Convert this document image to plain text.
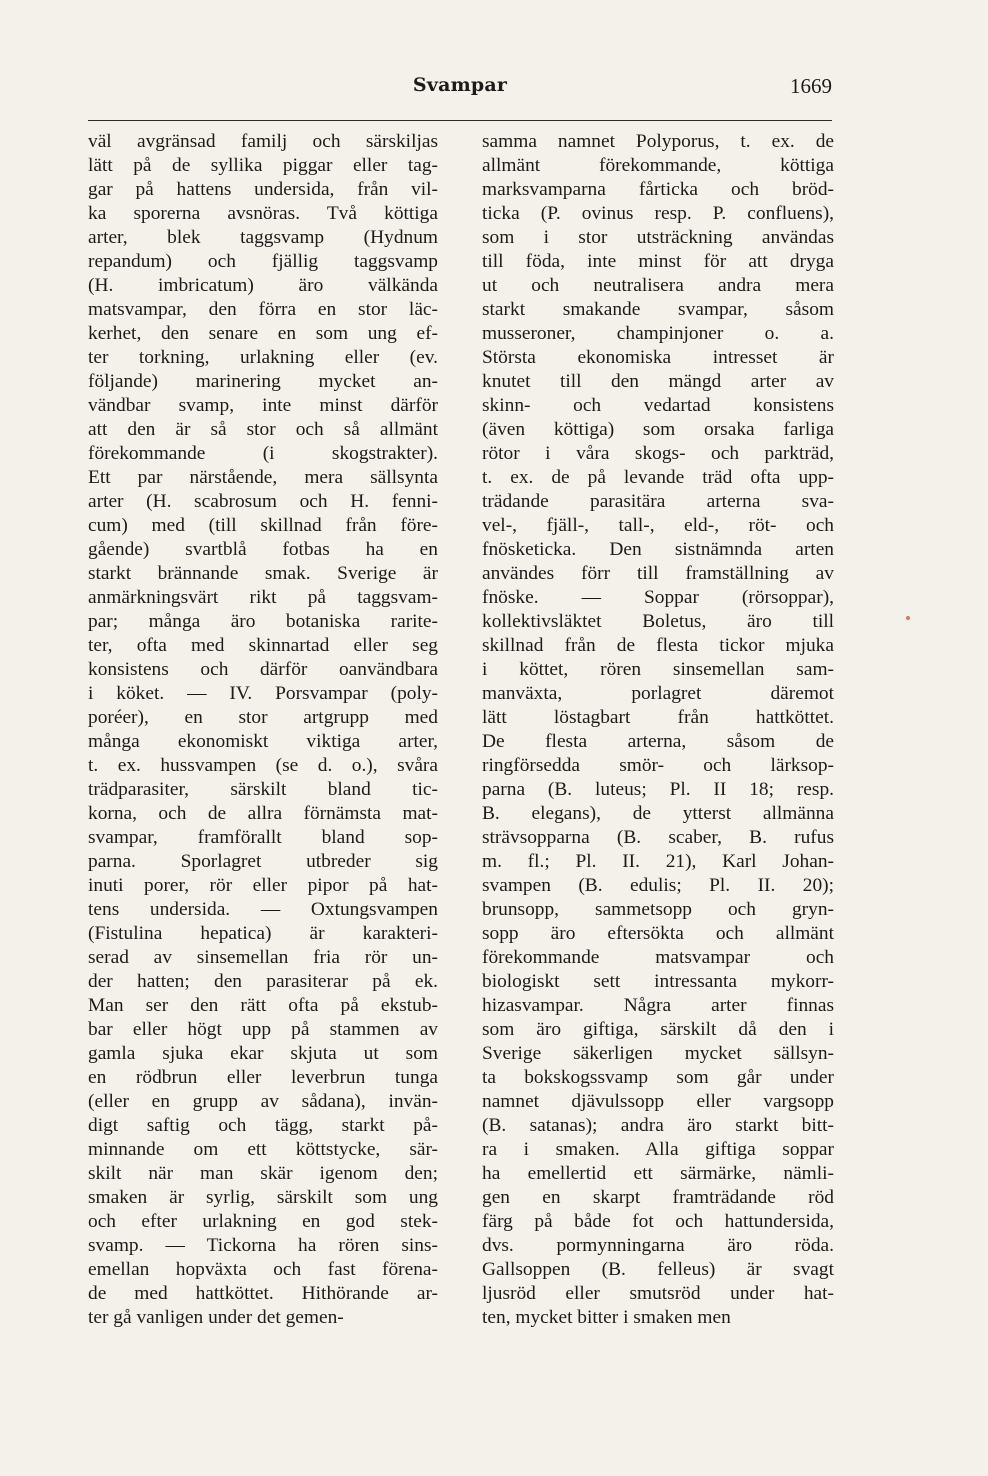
Svampar	1669
väl avgränsad familj och särskiljas
lätt på de syllika piggar eller tag-
gar på hattens undersida, från vil-
ka sporerna avsnöras. Två köttiga
arter, blek taggsvamp (Hydnum
repandum) och fjällig taggsvamp
(H. imbricatum) äro välkända
matsvampar, den förra en stor läc-
kerhet, den senare en som ung ef-
ter torkning, urlakning eller (ev.
följande) marinering mycket an-
vändbar svamp, inte minst därför
att den är så stor och så allmänt
förekommande (i skogstrakter).
Ett par närstående, mera sällsynta
arter (H. scabrosum och H. fenni-
cum) med (till skillnad från före-
gående) svartblå fotbas ha en
starkt brännande smak. Sverige är
anmärkningsvärt rikt på taggsvam-
par; många äro botaniska rarite-
ter, ofta med skinnartad eller seg
konsistens och därför oanvändbara
i köket. — IV. Porsvampar (poly-
poréer), en stor artgrupp med
många ekonomiskt viktiga arter,
t. ex. hussvampen (se d. o.), svåra
trädparasiter, särskilt bland tic-
korna, och de allra förnämsta mat-
svampar, framförallt bland sop-
parna. Sporlagret utbreder sig
inuti porer, rör eller pipor på hat-
tens undersida. — Oxtungsvampen
(Fistulina hepatica) är karakteri-
serad av sinsemellan fria rör un-
der hatten; den parasiterar på ek.
Man ser den rätt ofta på ekstub-
bar eller högt upp på stammen av
gamla sjuka ekar skjuta ut som
en rödbrun eller leverbrun tunga
(eller en grupp av sådana), invän-
digt saftig och tägg, starkt på-
minnande om ett köttstycke, sär-
skilt när man skär igenom den;
smaken är syrlig, särskilt som ung
och efter urlakning en god stek-
svamp. — Tickorna ha rören sins-
emellan hopväxta och fast förena-
de med hattköttet. Hithörande ar-
ter gå vanligen under det gemen-
samma namnet Polyporus, t. ex. de
allmänt förekommande, köttiga
marksvamparna fårticka och bröd-
ticka (P. ovinus resp. P. confluens),
som i stor utsträckning användas
till föda, inte minst för att dryga
ut och neutralisera andra mera
starkt smakande svampar, såsom
musseroner, champinjoner o. a.
Största ekonomiska intresset är
knutet till den mängd arter av
skinn- och vedartad konsistens
(även köttiga) som orsaka farliga
rötor i våra skogs- och parkträd,
t. ex. de på levande träd ofta upp-
trädande parasitära arterna sva-
vel-, fjäll-, tall-, eld-, röt- och
fnösketicka. Den sistnämnda arten
användes förr till framställning av
fnöske. — Soppar (rörsoppar),
kollektivsläktet Boletus, äro till
skillnad från de flesta tickor mjuka
i köttet, rören sinsemellan sam-
manväxta, porlagret däremot
lätt löstagbart från hattköttet.
De flesta arterna, såsom de
ringförsedda smör- och lärksop-
parna (B. luteus; Pl. II 18; resp.
B. elegans), de ytterst allmänna
strävsopparna (B. scaber, B. rufus
m. fl.; Pl. II. 21), Karl Johan-
svampen (B. edulis; Pl. II. 20);
brunsopp, sammetsopp och gryn-
sopp äro eftersökta och allmänt
förekommande matsvampar och
biologiskt sett intressanta mykorr-
hizasvampar. Några arter finnas
som äro giftiga, särskilt då den i
Sverige säkerligen mycket sällsyn-
ta bokskogssvamp som går under
namnet djävulssopp eller vargsopp
(B. satanas); andra äro starkt bitt-
ra i smaken. Alla giftiga soppar
ha emellertid ett särmärke, nämli-
gen en skarpt framträdande röd
färg på både fot och hattundersida,
dvs. pormynningarna äro röda.
Gallsoppen (B. felleus) är svagt
ljusröd eller smutsröd under hat-
ten, mycket bitter i smaken men
